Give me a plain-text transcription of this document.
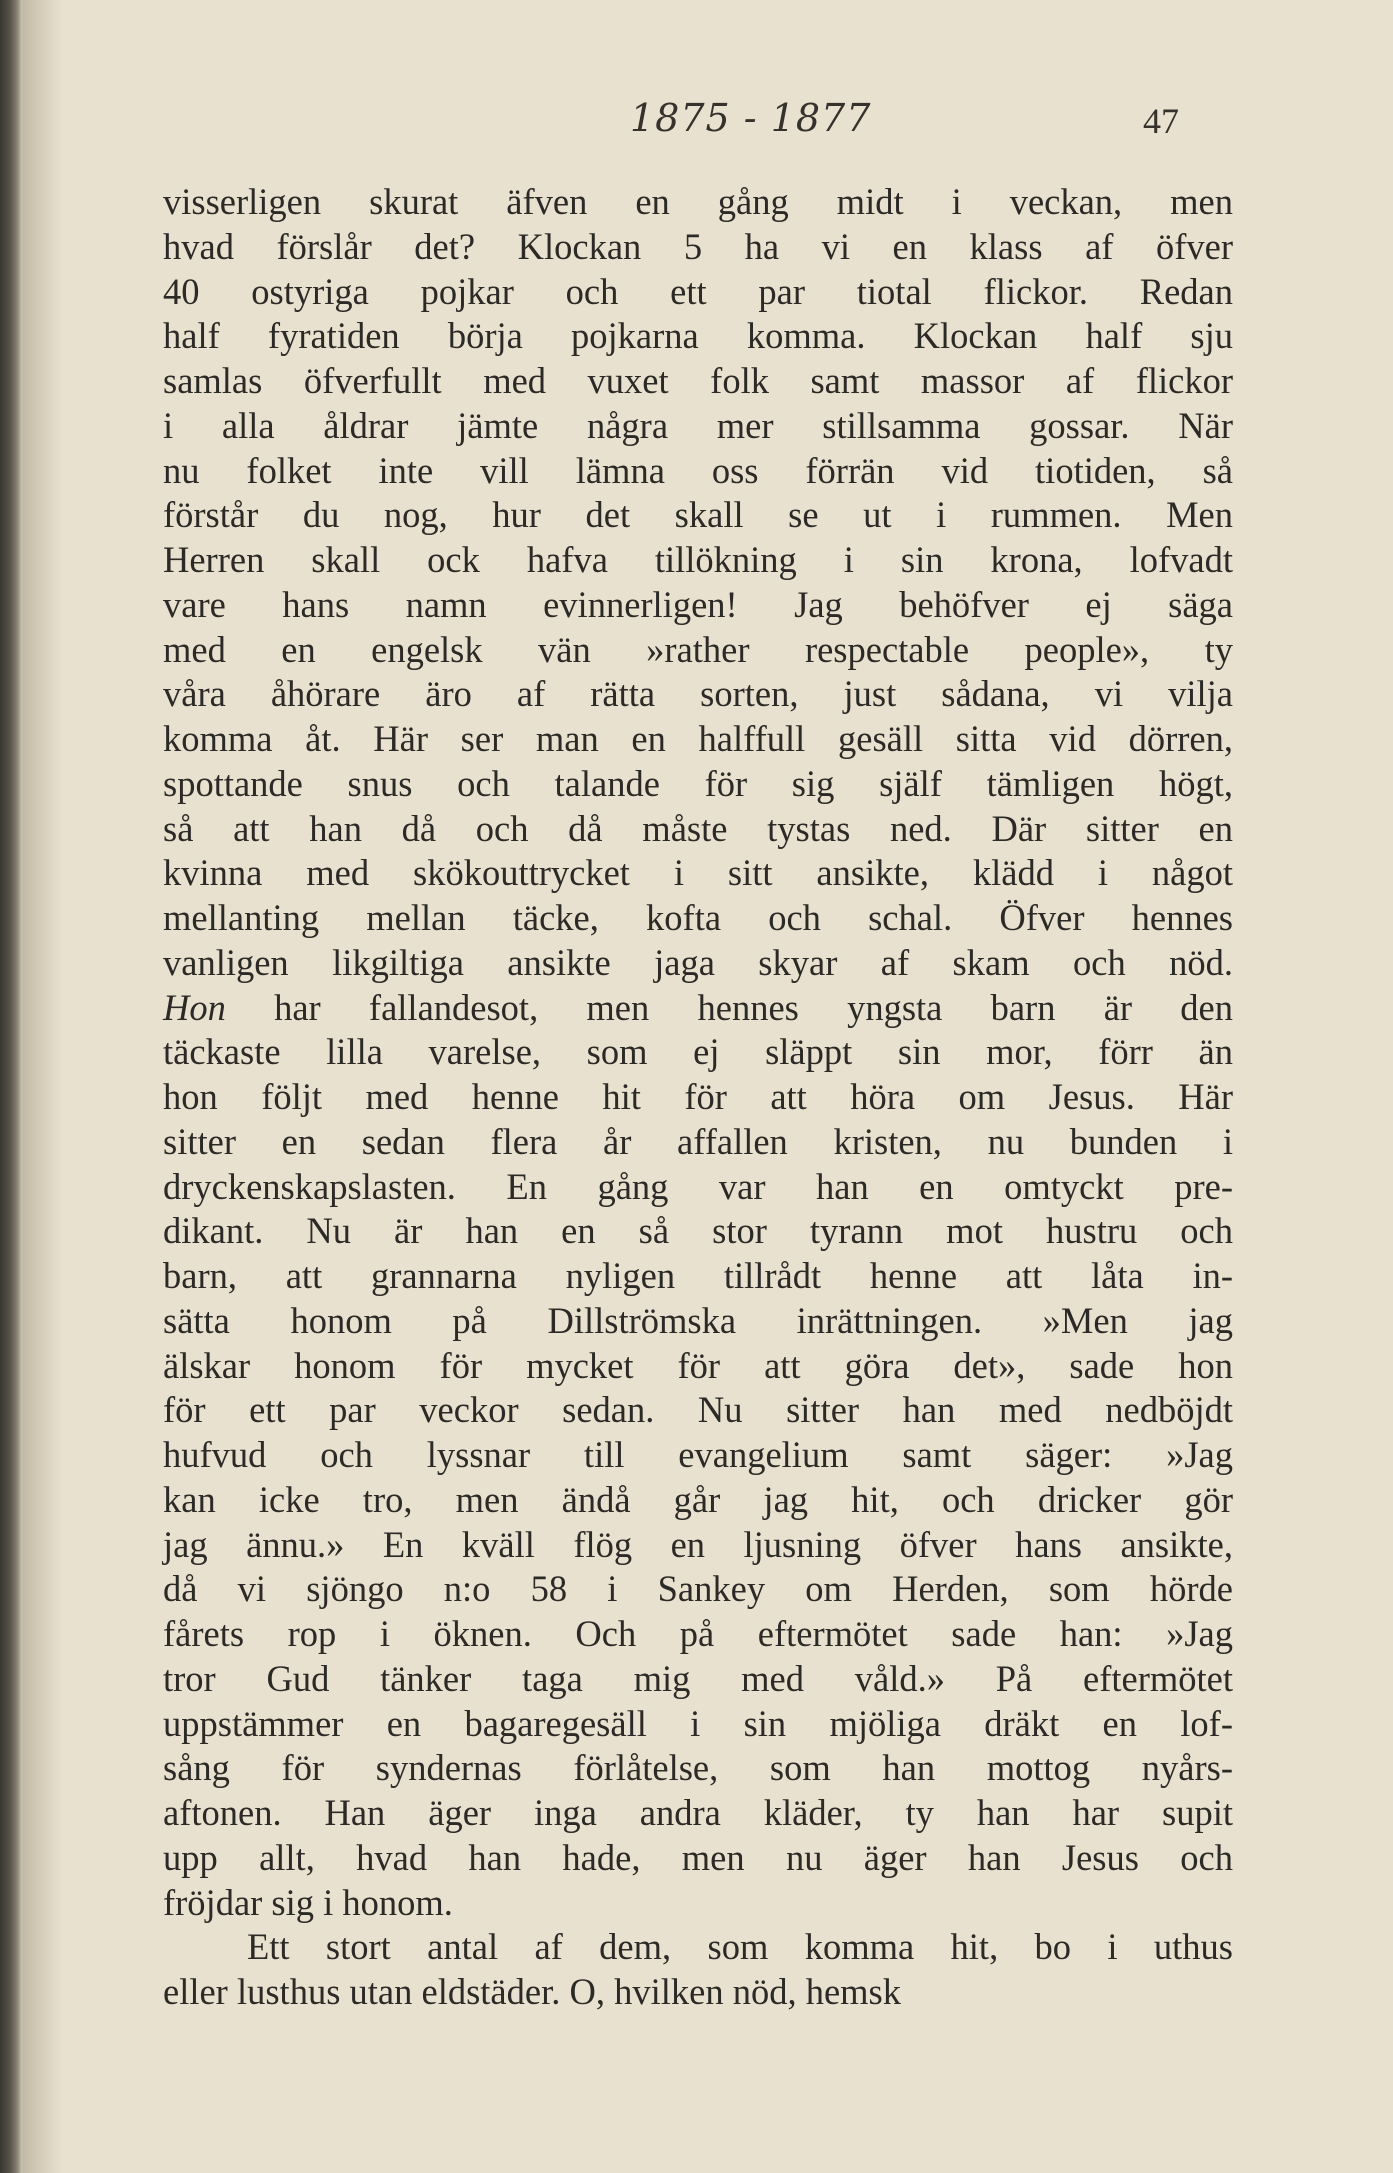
1875 - 1877	47
visserligen skurat äfven en gång midt i veckan, men
hvad förslår det? Klockan 5 ha vi en klass af öfver
40 ostyriga pojkar och ett par tiotal flickor. Redan
half fyratiden börja pojkarna komma. Klockan half sju
samlas öfverfullt med vuxet folk samt massor af flickor
i alla åldrar jämte några mer stillsamma gossar. När
nu folket inte vill lämna oss förrän vid tiotiden, så
förstår du nog, hur det skall se ut i rummen. Men
Herren skall ock hafva tillökning i sin krona, lofvadt
vare hans namn evinnerligen! Jag behöfver ej säga
med en engelsk vän »rather respectable people», ty
våra åhörare äro af rätta sorten, just sådana, vi vilja
komma åt. Här ser man en halffull gesäll sitta vid dörren,
spottande snus och talande för sig själf tämligen högt,
så att han då och då måste tystas ned. Där sitter en
kvinna med skökouttrycket i sitt ansikte, klädd i något
mellanting mellan täcke, kofta och schal. Öfver hennes
vanligen likgiltiga ansikte jaga skyar af skam och nöd.
Hon har fallandesot, men hennes yngsta barn är den
täckaste lilla varelse, som ej släppt sin mor, förr än
hon följt med henne hit för att höra om Jesus. Här
sitter en sedan flera år affallen kristen, nu bunden i
dryckenskapslasten. En gång var han en omtyckt pre-
dikant. Nu är han en så stor tyrann mot hustru och
barn, att grannarna nyligen tillrådt henne att låta in-
sätta honom på Dillströmska inrättningen. »Men jag
älskar honom för mycket för att göra det», sade hon
för ett par veckor sedan. Nu sitter han med nedböjdt
hufvud och lyssnar till evangelium samt säger: »Jag
kan icke tro, men ändå går jag hit, och dricker gör
jag ännu.» En kväll flög en ljusning öfver hans ansikte,
då vi sjöngo n:o 58 i Sankey om Herden, som hörde
fårets rop i öknen. Och på eftermötet sade han: »Jag
tror Gud tänker taga mig med våld.» På eftermötet
uppstämmer en bagaregesäll i sin mjöliga dräkt en lof-
sång för syndernas förlåtelse, som han mottog nyårs-
aftonen. Han äger inga andra kläder, ty han har supit
upp allt, hvad han hade, men nu äger han Jesus och
fröjdar sig i honom.
Ett stort antal af dem, som komma hit, bo i uthus
eller lusthus utan eldstäder. O, hvilken nöd, hemsk
